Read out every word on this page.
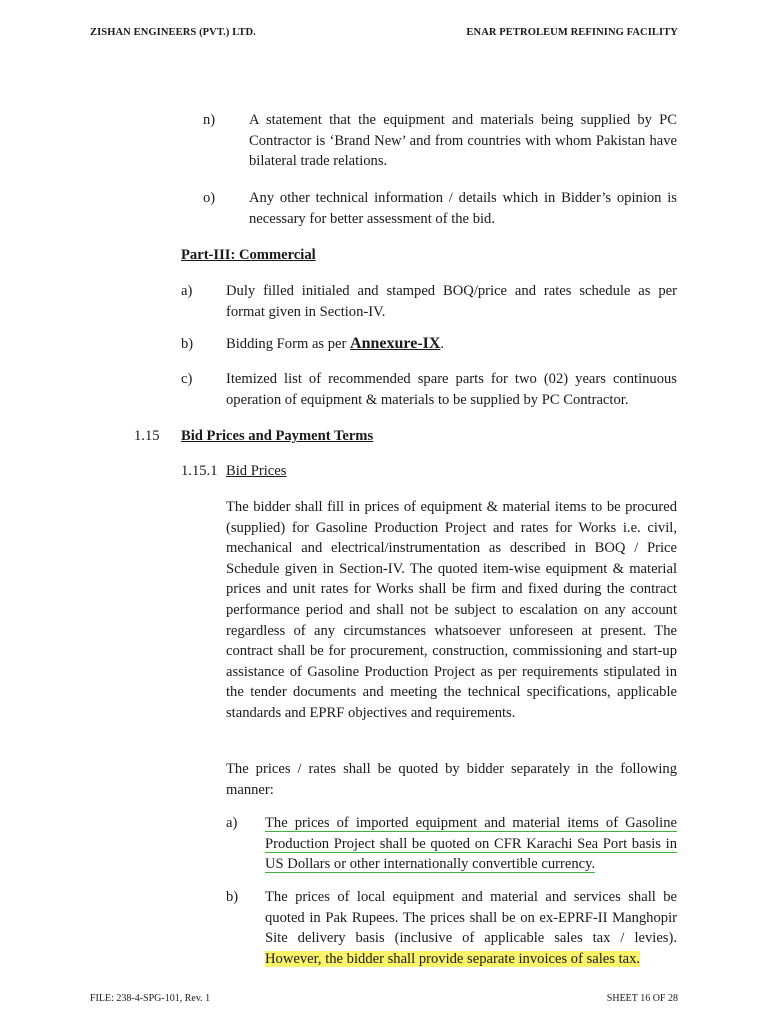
ZISHAN ENGINEERS (PVT.) LTD.	ENAR PETROLEUM REFINING FACILITY
n) A statement that the equipment and materials being supplied by PC Contractor is ‘Brand New’ and from countries with whom Pakistan have bilateral trade relations.
o) Any other technical information / details which in Bidder’s opinion is necessary for better assessment of the bid.
Part-III: Commercial
a) Duly filled initialed and stamped BOQ/price and rates schedule as per format given in Section-IV.
b) Bidding Form as per Annexure-IX.
c) Itemized list of recommended spare parts for two (02) years continuous operation of equipment & materials to be supplied by PC Contractor.
1.15 Bid Prices and Payment Terms
1.15.1 Bid Prices
The bidder shall fill in prices of equipment & material items to be procured (supplied) for Gasoline Production Project and rates for Works i.e. civil, mechanical and electrical/instrumentation as described in BOQ / Price Schedule given in Section-IV. The quoted item-wise equipment & material prices and unit rates for Works shall be firm and fixed during the contract performance period and shall not be subject to escalation on any account regardless of any circumstances whatsoever unforeseen at present. The contract shall be for procurement, construction, commissioning and start-up assistance of Gasoline Production Project as per requirements stipulated in the tender documents and meeting the technical specifications, applicable standards and EPRF objectives and requirements.
The prices / rates shall be quoted by bidder separately in the following manner:
a) The prices of imported equipment and material items of Gasoline Production Project shall be quoted on CFR Karachi Sea Port basis in US Dollars or other internationally convertible currency.
b) The prices of local equipment and material and services shall be quoted in Pak Rupees. The prices shall be on ex-EPRF-II Manghopir Site delivery basis (inclusive of applicable sales tax / levies). However, the bidder shall provide separate invoices of sales tax.
FILE: 238-4-SPG-101, Rev. 1	SHEET 16 OF 28
